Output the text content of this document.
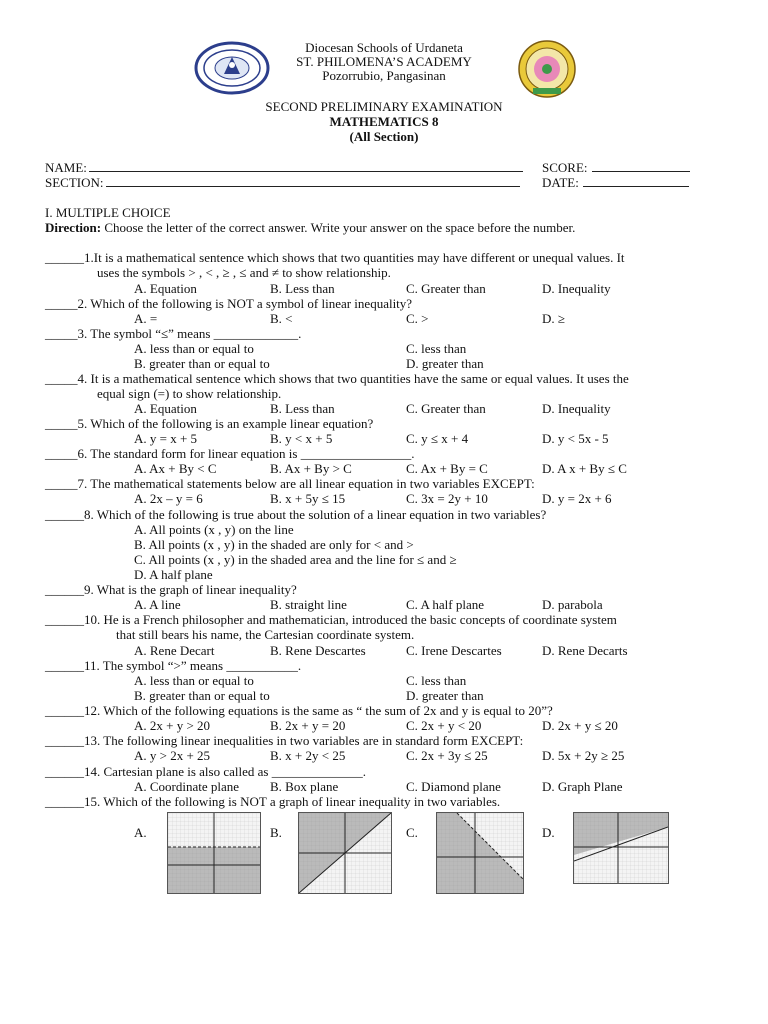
Diocesan Schools of Urdaneta
ST. PHILOMENA’S ACADEMY
Pozorrubio, Pangasinan
SECOND PRELIMINARY EXAMINATION
MATHEMATICS 8
(All Section)
NAME:	SCORE:
SECTION:	DATE:
I. MULTIPLE CHOICE
Direction: Choose the letter of the correct answer. Write your answer on the space before the number.
______1.It is a mathematical sentence which shows that two quantities may have different or unequal values. It
uses the symbols > , < , ≥ , ≤ and ≠ to show relationship.
A. Equation	B. Less than	C. Greater than	D. Inequality
_____2. Which of the following is NOT a symbol of linear inequality?
A. =	B. <	C. >	D. ≥
_____3. The symbol “≤” means _____________.
A. less than or equal to	C. less than
B. greater than or equal to	D. greater than
_____4. It is a mathematical sentence which shows that two quantities have the same or equal values. It uses the
equal sign (=) to show relationship.
A. Equation	B. Less than	C. Greater than	D. Inequality
_____5. Which of the following is an example linear equation?
A. y = x + 5	B. y < x + 5	C. y ≤ x + 4	D. y < 5x - 5
_____6. The standard form for linear equation is _________________.
A. Ax + By < C	B. Ax + By > C	C. Ax + By = C	D. A x + By ≤ C
_____7. The mathematical statements below are all linear equation in two variables EXCEPT:
A. 2x – y = 6	B. x + 5y ≤ 15	C. 3x = 2y + 10	D. y = 2x + 6
______8. Which of the following is true about the solution of a linear equation in two variables?
A. All points (x , y) on the line
B. All points (x , y) in the shaded are only for < and >
C. All points (x , y) in the shaded area and the line for ≤ and ≥
D. A half plane
______9. What is the graph of linear inequality?
A. A line	B. straight line	C. A half plane	D. parabola
______10. He is a French philosopher and mathematician, introduced the basic concepts of coordinate system
that still bears his name, the Cartesian coordinate system.
A. Rene Decart	B. Rene Descartes	C. Irene Descartes	D. Rene Decarts
______11. The symbol “>” means ___________.
A. less than or equal to	C. less than
B. greater than or equal to	D. greater than
______12. Which of the following equations is the same as “ the sum of 2x and y is equal to 20”?
A. 2x + y > 20	B. 2x + y = 20	C. 2x + y < 20	D. 2x + y ≤ 20
______13. The following linear inequalities in two variables are in standard form EXCEPT:
A. y > 2x + 25	B. x + 2y < 25	C. 2x + 3y ≤ 25	D. 5x + 2y ≥ 25
______14. Cartesian plane is also called as ______________.
A. Coordinate plane B. Box plane	C. Diamond plane	D. Graph Plane
______15. Which of the following is NOT a graph of linear inequality in two variables.
A.	B.	C.	D.
